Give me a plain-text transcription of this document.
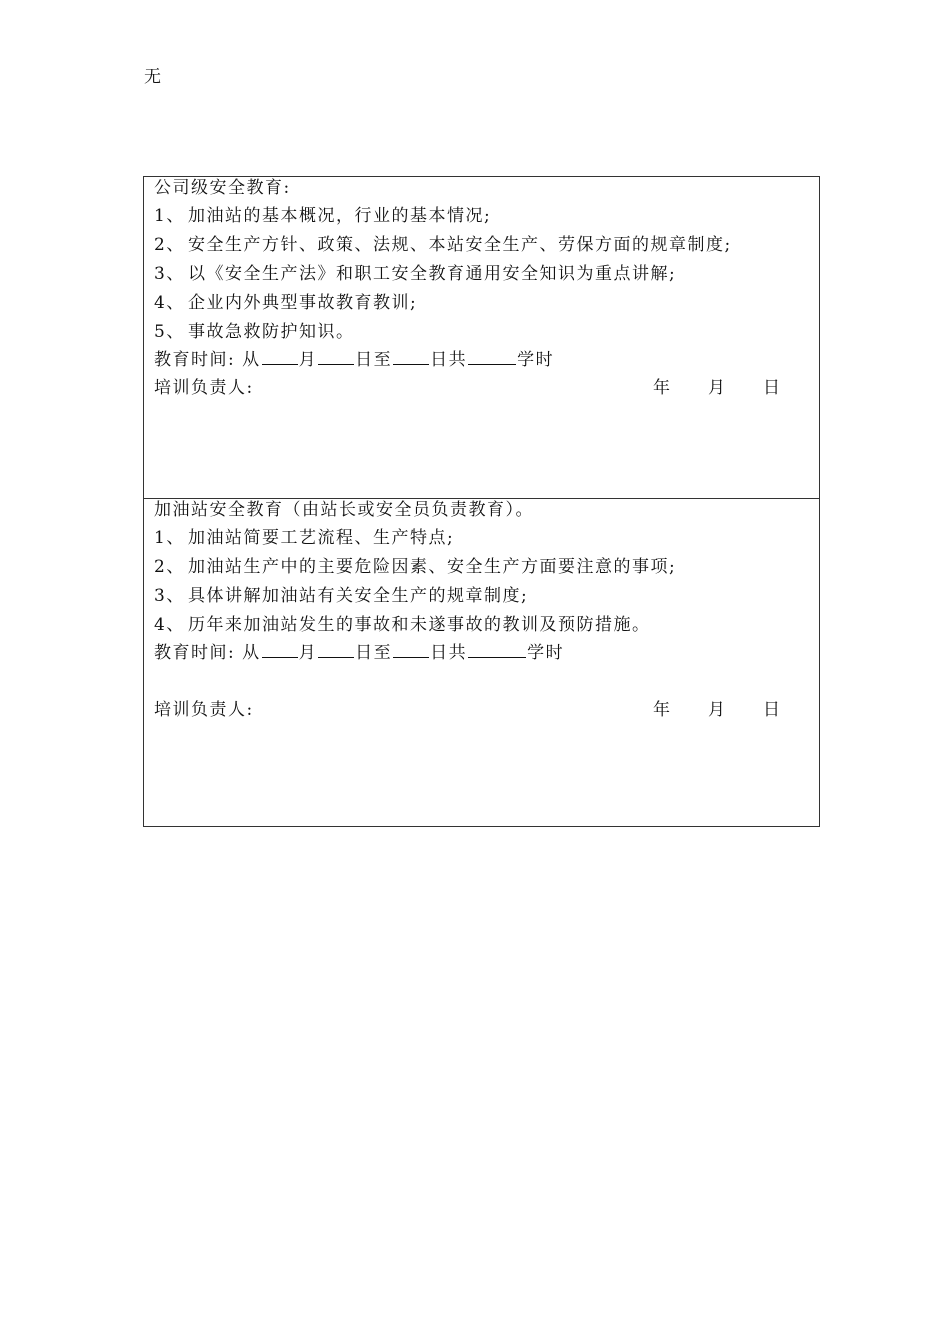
无
公司级安全教育:
1、 加油站的基本概况，行业的基本情况;
2、 安全生产方针、政策、法规、本站安全生产、劳保方面的规章制度;
3、 以《安全生产法》和职工安全教育通用安全知识为重点讲解;
4、 企业内外典型事故教育教训;
5、 事故急救防护知识。
教育时间: 从 月 日至 日共	学时
培训负责人:	年 月 日
加油站安全教育（由站长或安全员负责教育）。
1、 加油站简要工艺流程、生产特点;
2、 加油站生产中的主要危险因素、安全生产方面要注意的事项;
3、 具体讲解加油站有关安全生产的规章制度;
4、 历年来加油站发生的事故和未遂事故的教训及预防措施。
教育时间: 从 月 日至 日共	学时
培训负责人:	年 月 日
